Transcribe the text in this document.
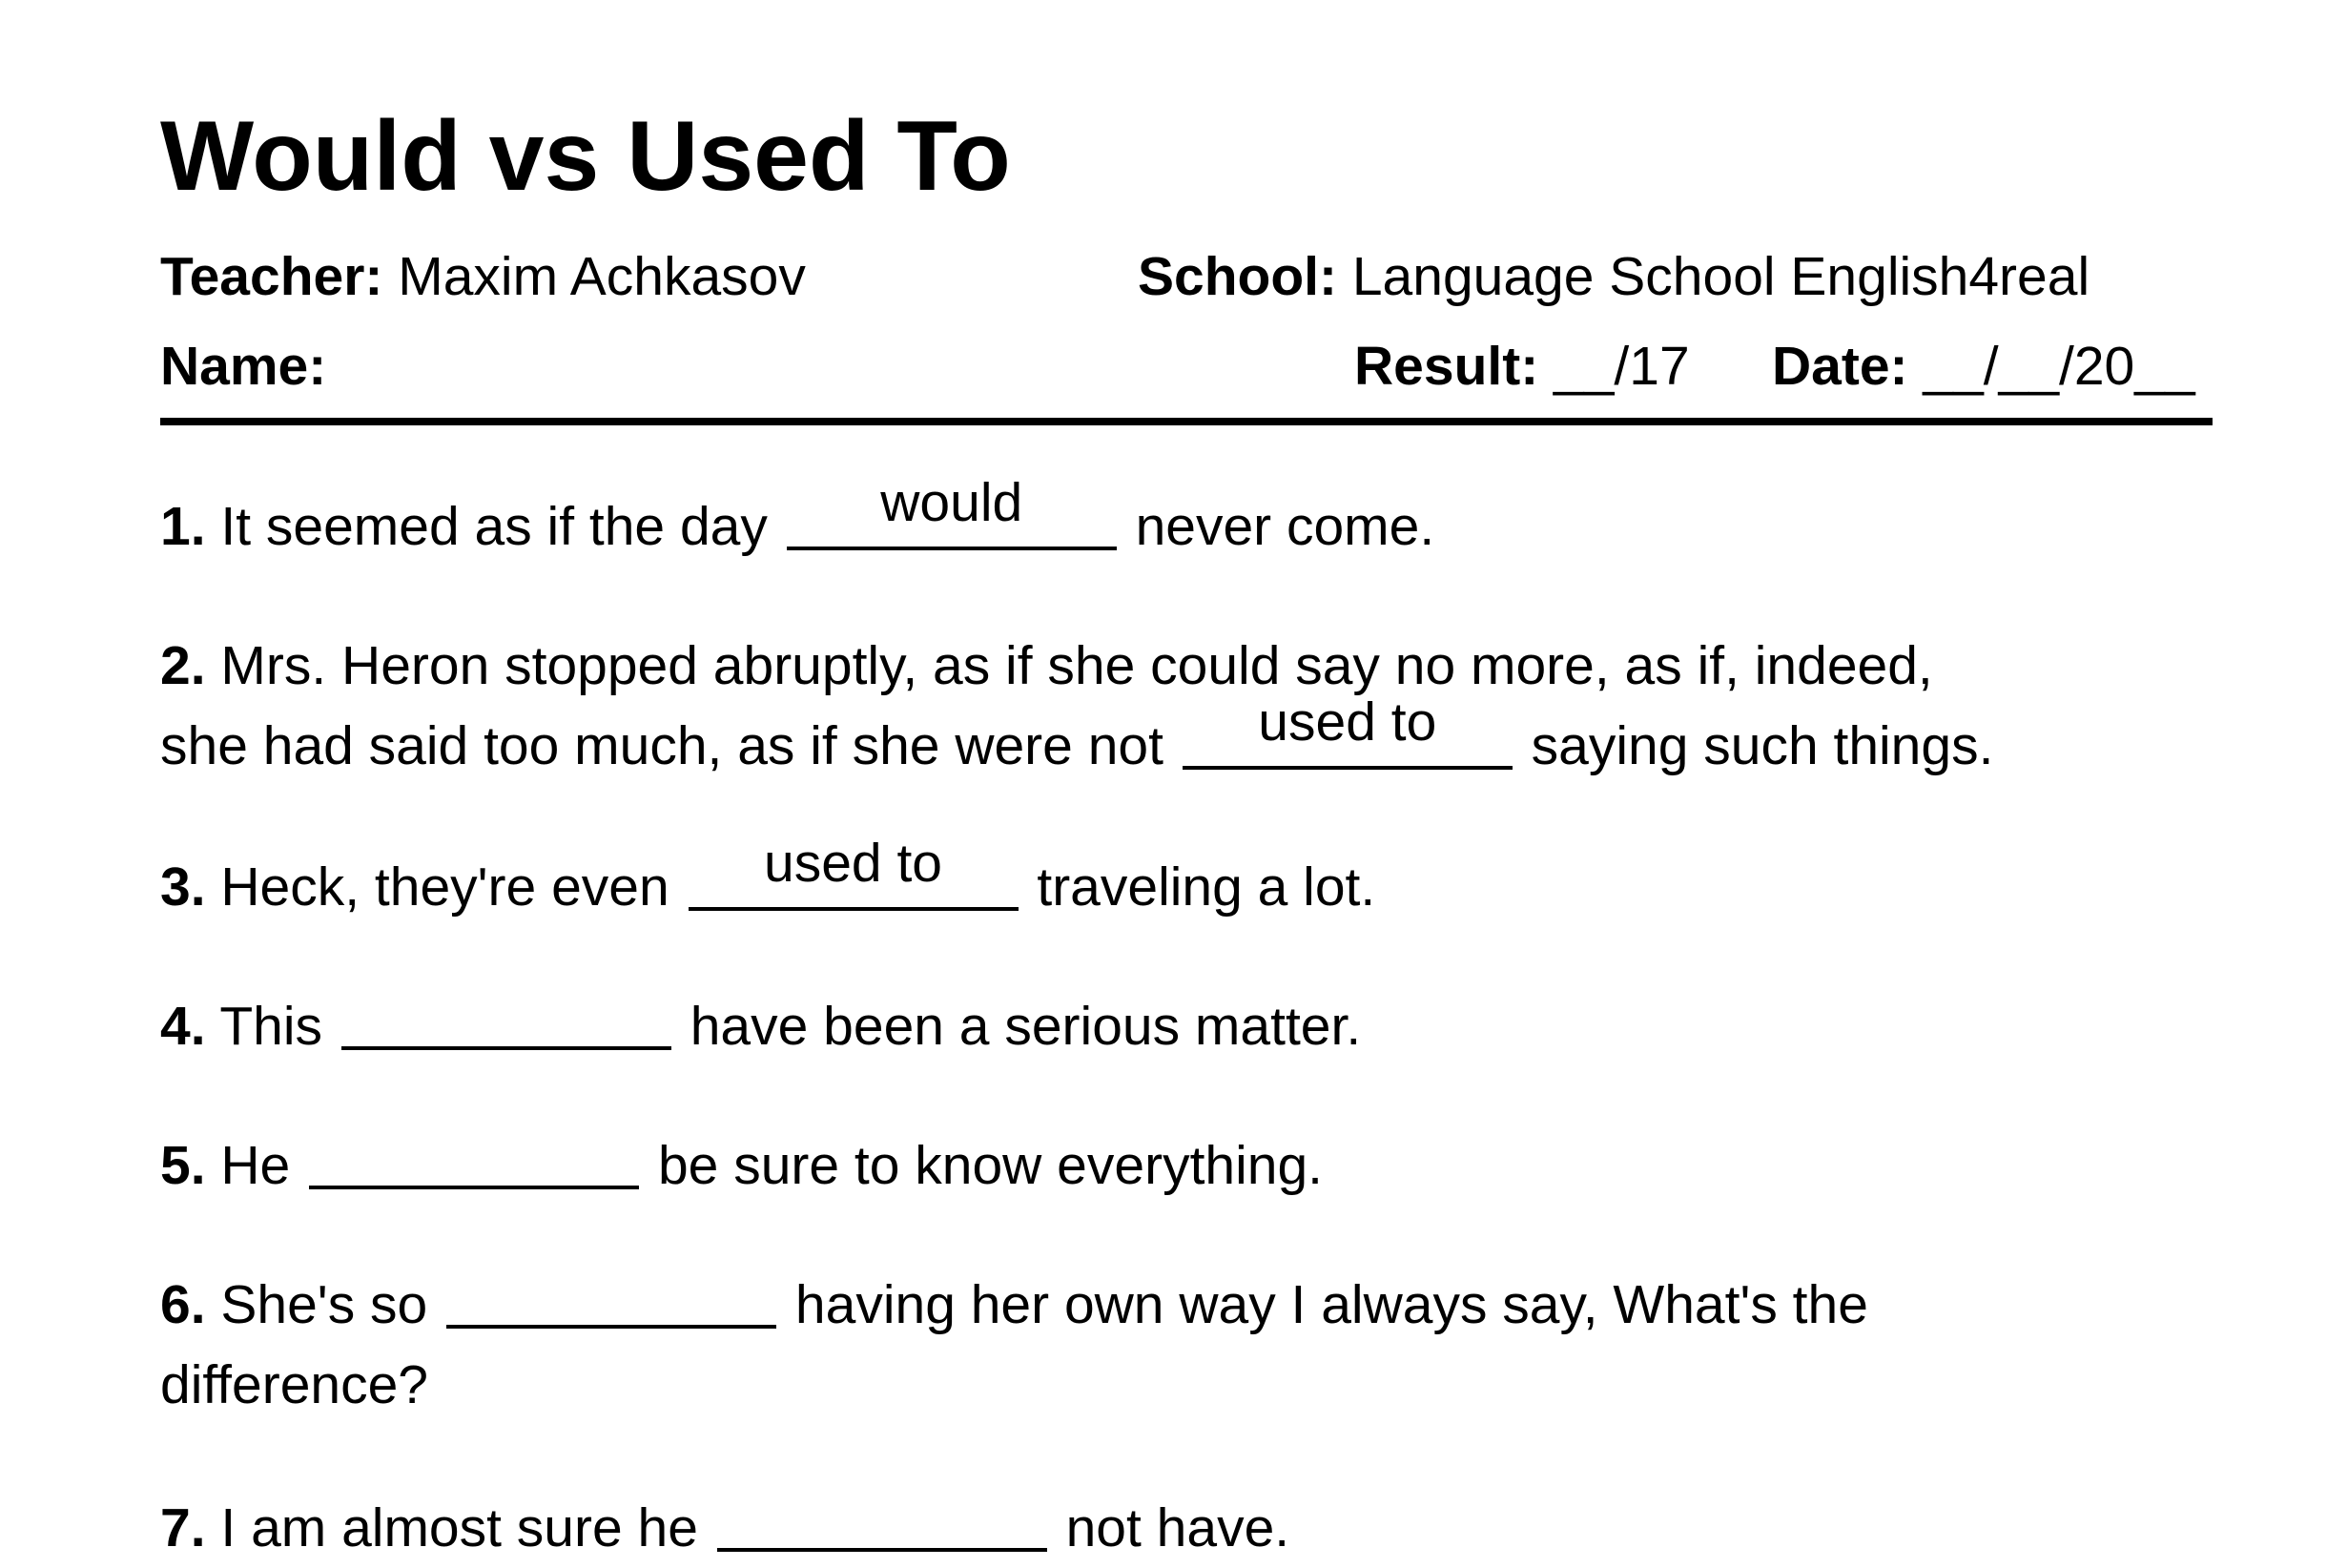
Would vs Used To
Teacher: Maxim Achkasov	School: Language School English4real
Name:	Result: __/17 Date: __/__/20__
1. It seemed as if the day	would	never come.
2. Mrs. Heron stopped abruptly, as if she could say no more, as if, indeed,
she had said too much, as if she were not	used to	saying such things.
3. Heck, they're even	used to	traveling a lot.
4. This	have been a serious matter.
5. He	be sure to know everything.
6. She's so	having her own way I always say, What's the
difference?
7. I am almost sure he	not have.
